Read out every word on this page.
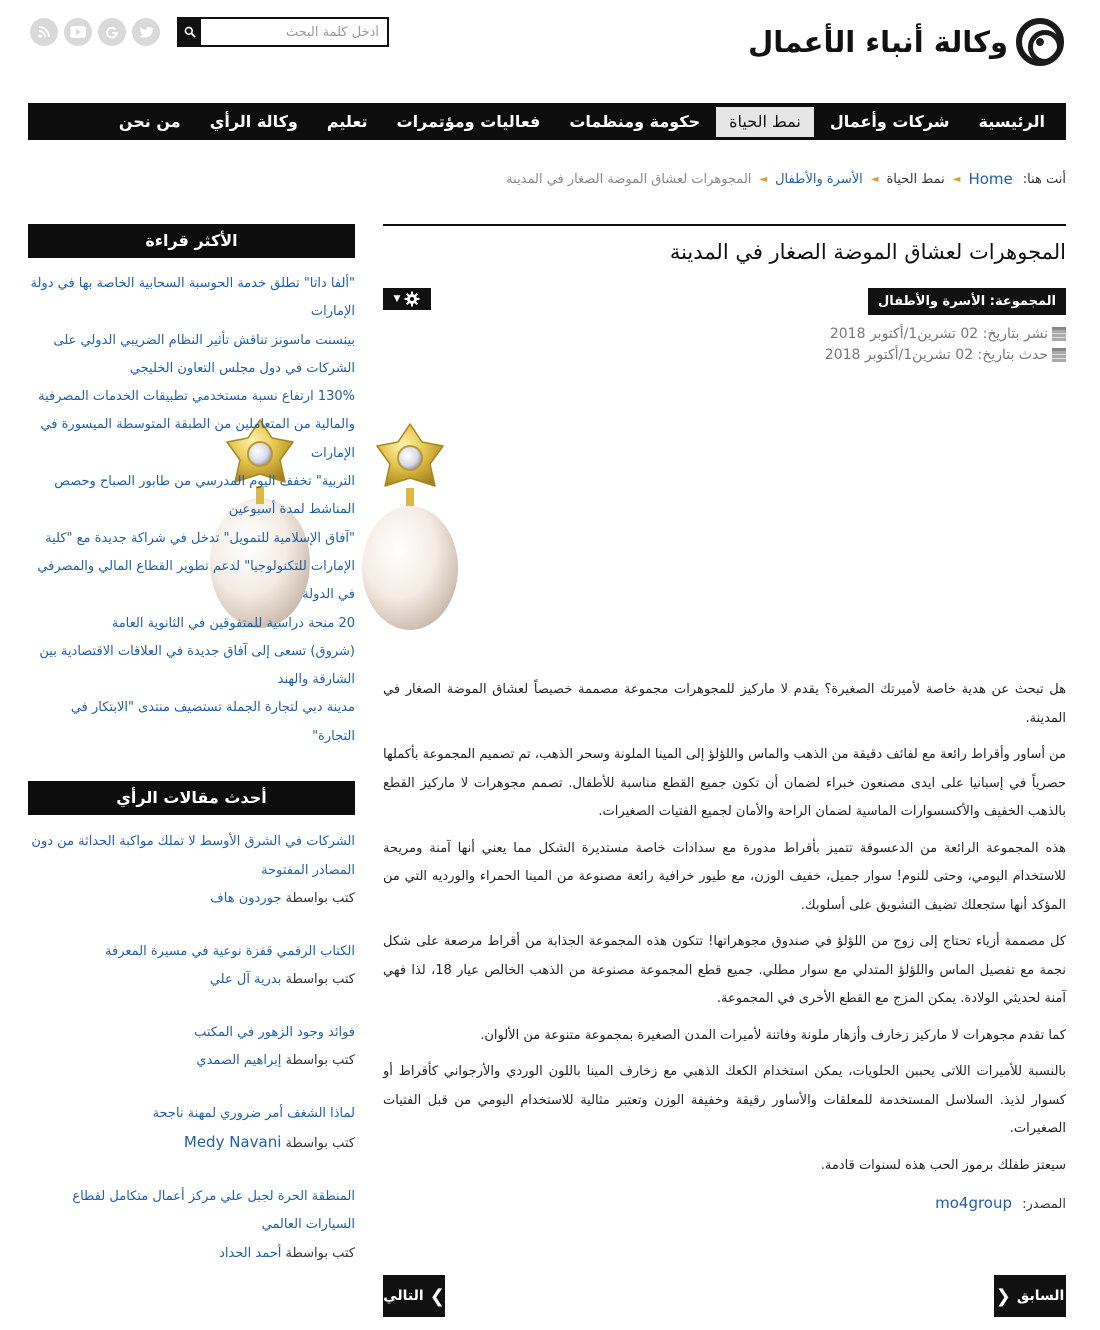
وكالة أنباء الأعمال
أدخل كلمة البحث
الرئيسية
شركات وأعمال
نمط الحياة
حكومة ومنظمات
فعاليات ومؤتمرات
تعليم
وكالة الرأي
من نحن
أنت هنا:
Home
◄
نمط الحياة
◄
الأسرة والأطفال
◄
المجوهرات لعشاق الموضة الصغار في المدينة
المجوهرات لعشاق الموضة الصغار في المدينة
المجموعة: الأسرة والأطفال
▼
نشر بتاريخ: 02 تشرين1/أكتوبر 2018
حدث بتاريخ: 02 تشرين1/أكتوبر 2018

هل تبحث عن هدية خاصة لأميرتك الصغيرة؟ يقدم لا ماركيز للمجوهرات مجموعة مصممة خصيصاً لعشاق الموضة الصغار في المدينة.

من أساور وأقراط رائعة مع لفائف دقيقة من الذهب والماس واللؤلؤ إلى المينا الملونة وسحر الذهب، تم تصميم المجموعة بأكملها حصرياً في إسبانيا على ايدى مصنعون خبراء لضمان أن تكون جميع القطع مناسبة للأطفال. تصمم مجوهرات لا ماركيز القطع بالذهب الخفيف والأكسسوارات الماسية لضمان الراحة والأمان لجميع الفتيات الصغيرات.

هذه المجموعة الرائعة من الدعسوقة تتميز بأقراط مدورة مع سدادات خاصة مستديرة الشكل مما يعني أنها آمنة ومريحة للاستخدام اليومي، وحتى للنوم! سوار جميل، خفيف الوزن، مع طيور خرافية رائعة مصنوعة من المينا الحمراء والورديه التي من المؤكد أنها ستجعلك تضيف التشويق على أسلوبك.

كل مصممة أزياء تحتاج إلى زوج من اللؤلؤ في صندوق مجوهراتها! تتكون هذه المجموعة الجذابة من أقراط مرصعة على شكل نجمة مع تفصيل الماس واللؤلؤ المتدلي مع سوار مطلي. جميع قطع المجموعة مصنوعة من الذهب الخالص عيار 18، لذا فهي آمنة لحديثي الولادة. يمكن المزج مع القطع الأخرى في المجموعة.

كما تقدم مجوهرات لا ماركيز زخارف وأزهار ملونة وفاتنة لأميرات المدن الصغيرة بمجموعة متنوعة من الألوان.

بالنسبة للأميرات اللاتى يحببن الحلويات، يمكن استخدام الكعك الذهبي مع زخارف المينا باللون الوردي والأرجواني كأقراط أو كسوار لذيذ. السلاسل المستخدمة للمعلقات والأساور رقيقة وخفيفة الوزن وتعتبر مثالية للاستخدام اليومي من قبل الفتيات الصغيرات.

سيعتز طفلك برموز الحب هذه لسنوات قادمة.

المصدر: mo4group
السابق
❮
❯
التالي
الأكثر قراءة
"ألفا داتا" تطلق خدمة الحوسبة السحابية الخاصة بها في دولة الإمارات
بينسنت ماسونز تناقش تأثير النظام الضريبي الدولي على الشركات في دول مجلس التعاون الخليجي
130% ارتفاع نسبة مستخدمي تطبيقات الخدمات المصرفية والمالية من المتعاملين من الطبقة المتوسطة الميسورة في الإمارات
التربية" تخفف اليوم المدرسي من طابور الصباح وحصص المناشط لمدة أسبوعين
"آفاق الإسلامية للتمويل" تدخل في شراكة جديدة مع "كلية الإمارات للتكنولوجيا" لدعم تطوير القطاع المالي والمصرفي في الدولة
20 منحة دراسية للمتفوقين في الثانوية العامة
(شروق) تسعى إلى آفاق جديدة في العلاقات الاقتصادية بين الشارقة والهند
مدينة دبي لتجارة الجملة تستضيف منتدى "الابتكار في التجارة"
أحدث مقالات الرأي
الشركات في الشرق الأوسط لا تملك مواكبة الحداثة من دون المصادر المفتوحة
كتب بواسطة جوردون هاف
الكتاب الرقمي قفزة نوعية في مسيرة المعرفة
كتب بواسطة بدرية آل علي
فوائد وجود الزهور في المكتب
كتب بواسطة إبراهيم الصمدي
لماذا الشغف أمر ضروري لمهنة ناجحة
كتب بواسطة Medy Navani
المنطقة الحرة لجبل علي مركز أعمال متكامل لقطاع السيارات العالمي
كتب بواسطة أحمد الحداد
